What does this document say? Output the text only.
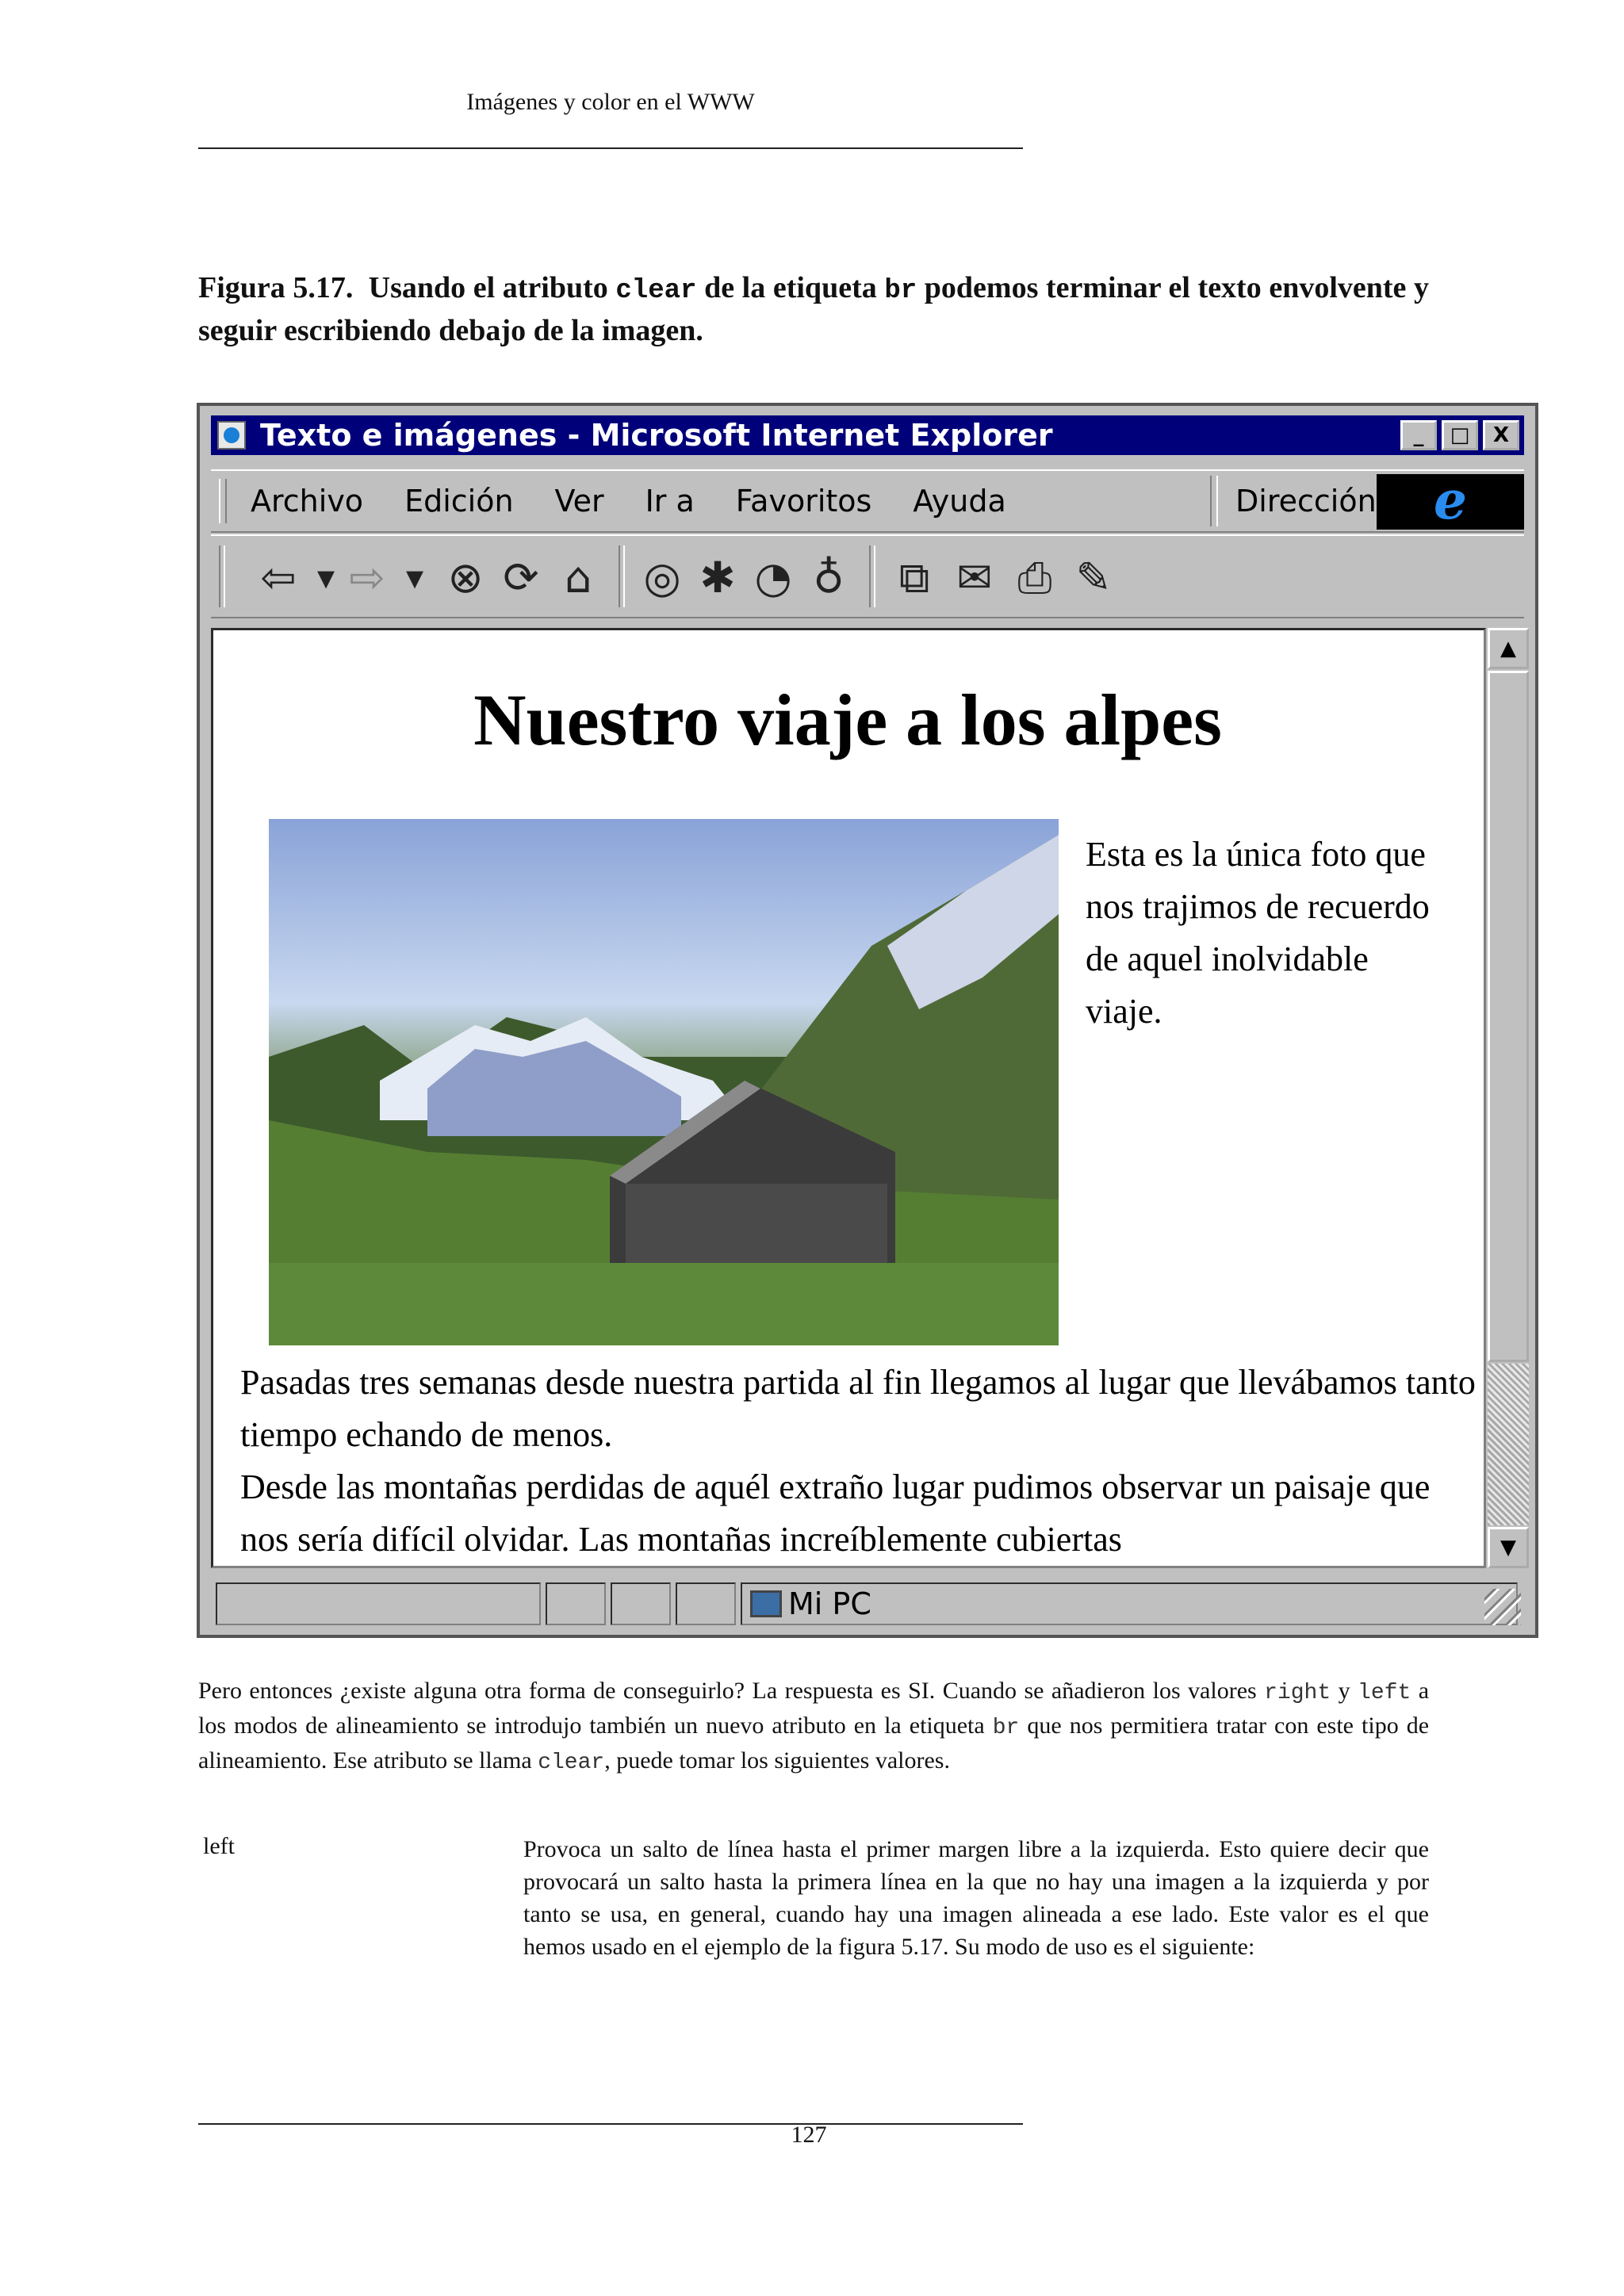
Imágenes y color en el WWW
Figura 5.17. Usando el atributo clear de la etiqueta br podemos terminar el texto envolvente y seguir escribiendo debajo de la imagen.
Texto e imágenes - Microsoft Internet Explorer	_	□	X
Archivo Edición Ver Ir a Favoritos Ayuda	Dirección	e
⇦ ▾ ⇨ ▾ ⊗ ⟳ ⌂	◎ ✱ ◔ ♁ ⧉ ✉ ⎙ ✎
Nuestro viaje a los alpes
Esta es la única foto que nos trajimos de recuerdo de aquel inolvidable viaje.
Pasadas tres semanas desde nuestra partida al fin llegamos al lugar que llevábamos tanto tiempo echando de menos.
Desde las montañas perdidas de aquél extraño lugar pudimos observar un paisaje que nos sería difícil olvidar. Las montañas increíblemente cubiertas
▲
▼
Mi PC
Pero entonces ¿existe alguna otra forma de conseguirlo? La respuesta es SI. Cuando se añadieron los valores right y left a los modos de alineamiento se introdujo también un nuevo atributo en la etiqueta br que nos permitiera tratar con este tipo de alineamiento. Ese atributo se llama clear, puede tomar los siguientes valores.
left	Provoca un salto de línea hasta el primer margen libre a la izquierda. Esto quiere decir que provocará un salto hasta la primera línea en la que no hay una imagen a la izquierda y por tanto se usa, en general, cuando hay una imagen alineada a ese lado. Este valor es el que hemos usado en el ejemplo de la figura 5.17. Su modo de uso es el siguiente:
127
